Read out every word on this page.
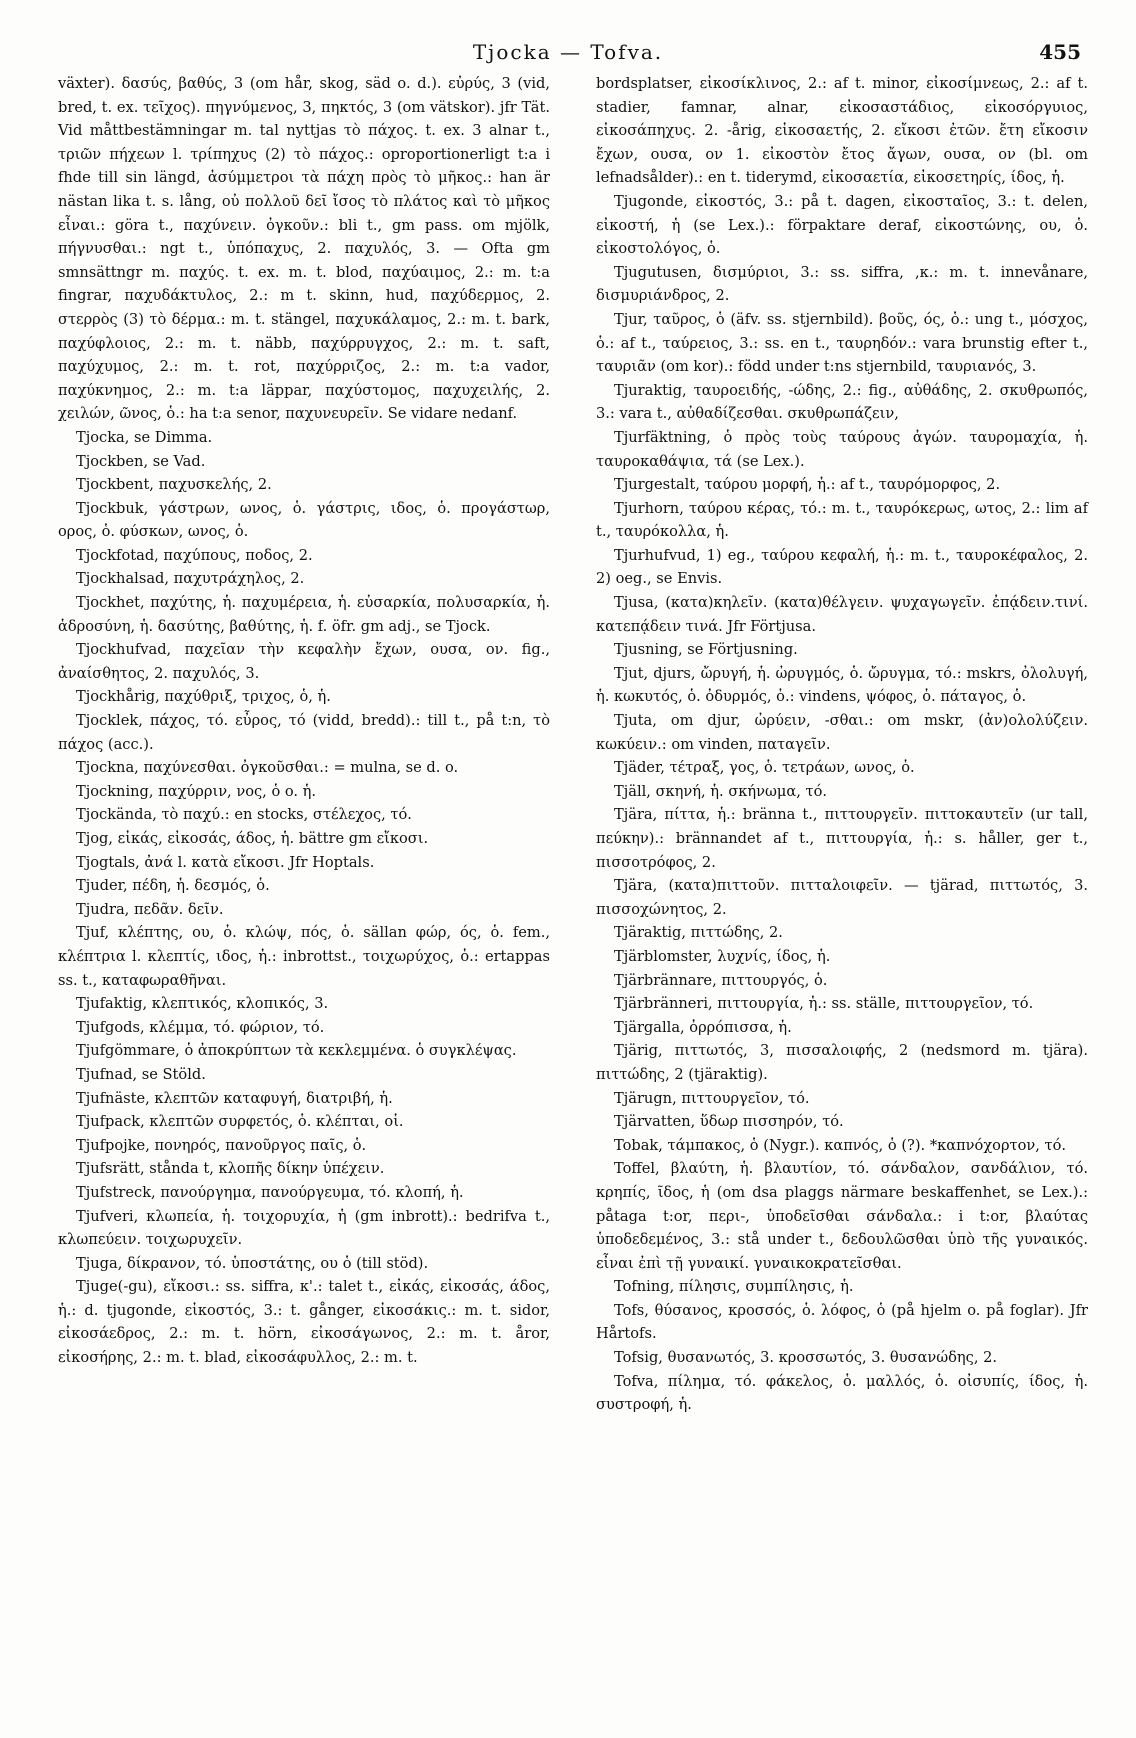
Tjocka — Tofva.	455

växter). δασύς, βαθύς, 3 (om hår, skog, säd o. d.). εὐρύς, 3 (vid, bred, t. ex. τεῖχος). πηγνύμενος, 3, πηκτός, 3 (om vätskor). jfr Tät. Vid måttbestämningar m. tal nyttjas τὸ πάχος. t. ex. 3 alnar t., τριῶν πήχεων l. τρίπηχυς (2) τὸ πάχος.: oproportionerligt t:a i fhde till sin längd, ἀσύμμετροι τὰ πάχη πρὸς τὸ μῆκος.: han är nästan lika t. s. lång, οὐ πολλοῦ δεῖ ἴσος τὸ πλάτος καὶ τὸ μῆκος εἶναι.: göra t., παχύνειν. ὀγκοῦν.: bli t., gm pass. om mjölk, πήγνυσθαι.: ngt t., ὑπόπαχυς, 2. παχυλός, 3. — Ofta gm smnsättngr m. παχύς. t. ex. m. t. blod, παχύαιμος, 2.: m. t:a fingrar, παχυδάκτυλος, 2.: m t. skinn, hud, παχύδερμος, 2. στερρὸς (3) τὸ δέρμα.: m. t. stängel, παχυκάλαμος, 2.: m. t. bark, παχύφλοιος, 2.: m. t. näbb, παχύρρυγχος, 2.: m. t. saft, παχύχυμος, 2.: m. t. rot, παχύρριζος, 2.: m. t:a vador, παχύκνημος, 2.: m. t:a läppar, παχύστομος, παχυχειλής, 2. χειλών, ῶνος, ὁ.: ha t:a senor, παχυνευρεῖν. Se vidare nedanf.

Tjocka, se Dimma.

Tjockben, se Vad.

Tjockbent, παχυσκελής, 2.

Tjockbuk, γάστρων, ωνος, ὁ. γάστρις, ιδος, ὁ. προγάστωρ, ορος, ὁ. φύσκων, ωνος, ὁ.

Tjockfotad, παχύπους, ποδος, 2.

Tjockhalsad, παχυτράχηλος, 2.

Tjockhet, παχύτης, ἡ. παχυμέρεια, ἡ. εὐσαρκία, πολυσαρκία, ἡ. ἁδροσύνη, ἡ. δασύτης, βαθύτης, ἡ. f. öfr. gm adj., se Tjock.

Tjockhufvad, παχεῖαν τὴν κεφαλὴν ἔχων, ουσα, ον. fig., ἀναίσθητος, 2. παχυλός, 3.

Tjockhårig, παχύθριξ, τριχος, ὁ, ἡ.

Tjocklek, πάχος, τό. εὖρος, τό (vidd, bredd).: till t., på t:n, τὸ πάχος (acc.).

Tjockna, παχύνεσθαι. ὀγκοῦσθαι.: = mulna, se d. o.

Tjockning, παχύρριν, νος, ὁ o. ἡ.

Tjockända, τὸ παχύ.: en stocks, στέλεχος, τό.

Tjog, εἰκάς, εἰκοσάς, άδος, ἡ. bättre gm εἴκοσι.

Tjogtals, ἀνά l. κατὰ εἴκοσι. Jfr Hoptals.

Tjuder, πέδη, ἡ. δεσμός, ὁ.

Tjudra, πεδᾶν. δεῖν.

Tjuf, κλέπτης, ου, ὁ. κλώψ, πός, ὁ. sällan φώρ, ός, ὁ. fem., κλέπτρια l. κλεπτίς, ιδος, ἡ.: inbrottst., τοιχωρύχος, ὁ.: ertappas ss. t., καταφωραθῆναι.

Tjufaktig, κλεπτικός, κλοπικός, 3.

Tjufgods, κλέμμα, τό. φώριον, τό.

Tjufgömmare, ὁ ἀποκρύπτων τὰ κεκλεμμένα. ὁ συγκλέψας.

Tjufnad, se Stöld.

Tjufnäste, κλεπτῶν καταφυγή, διατριβή, ἡ.

Tjufpack, κλεπτῶν συρφετός, ὁ. κλέπται, οἱ.

Tjufpojke, πονηρός, πανοῦργος παῖς, ὁ.

Tjufsrätt, stånda t, κλοπῆς δίκην ὑπέχειν.

Tjufstreck, πανούργημα, πανούργευμα, τό. κλοπή, ἡ.

Tjufveri, κλωπεία, ἡ. τοιχορυχία, ἡ (gm inbrott).: bedrifva t., κλωπεύειν. τοιχωρυχεῖν.

Tjuga, δίκρανον, τό. ὑποστάτης, ου ὁ (till stöd).

Tjuge(-gu), εἴκοσι.: ss. siffra, κ'.: talet t., εἰκάς, εἰκοσάς, άδος, ἡ.: d. tjugonde, εἰκοστός, 3.: t. gånger, εἰκοσάκις.: m. t. sidor, εἰκοσάεδρος, 2.: m. t. hörn, εἰκοσάγωνος, 2.: m. t. åror, εἰκοσήρης, 2.: m. t. blad, εἰκοσάφυλλος, 2.: m. t.

bordsplatser, εἰκοσίκλινος, 2.: af t. minor, εἰκοσίμνεως, 2.: af t. stadier, famnar, alnar, εἰκοσαστάδιος, εἰκοσόργυιος, εἰκοσάπηχυς. 2. -årig, εἰκοσαετής, 2. εἴκοσι ἐτῶν. ἔτη εἴκοσιν ἔχων, ουσα, ον 1. εἰκοστὸν ἔτος ἄγων, ουσα, ον (bl. om lefnadsålder).: en t. tiderymd, εἰκοσαετία, εἰκοσετηρίς, ίδος, ἡ.

Tjugonde, εἰκοστός, 3.: på t. dagen, εἰκοσταῖος, 3.: t. delen, εἰκοστή, ἡ (se Lex.).: förpaktare deraf, εἰκοστώνης, ου, ὁ. εἰκοστολόγος, ὁ.

Tjugutusen, δισμύριοι, 3.: ss. siffra, ,κ.: m. t. innevånare, δισμυριάνδρος, 2.

Tjur, ταῦρος, ὁ (äfv. ss. stjernbild). βοῦς, ός, ὁ.: ung t., μόσχος, ὁ.: af t., ταύρειος, 3.: ss. en t., ταυρηδόν.: vara brunstig efter t., ταυριᾶν (om kor).: född under t:ns stjernbild, ταυριανός, 3.

Tjuraktig, ταυροειδής, -ώδης, 2.: fig., αὐθάδης, 2. σκυθρωπός, 3.: vara t., αὐθαδίζεσθαι. σκυθρωπάζειν,

Tjurfäktning, ὁ πρὸς τοὺς ταύρους ἀγών. ταυρομαχία, ἡ. ταυροκαθάψια, τά (se Lex.).

Tjurgestalt, ταύρου μορφή, ἡ.: af t., ταυρόμορφος, 2.

Tjurhorn, ταύρου κέρας, τό.: m. t., ταυρόκερως, ωτος, 2.: lim af t., ταυρόκολλα, ἡ.

Tjurhufvud, 1) eg., ταύρου κεφαλή, ἡ.: m. t., ταυροκέφαλος, 2. 2) oeg., se Envis.

Tjusa, (κατα)κηλεῖν. (κατα)θέλγειν. ψυχαγωγεῖν. ἐπᾴδειν.τινί. κατεπᾴδειν τινά. Jfr Förtjusa.

Tjusning, se Förtjusning.

Tjut, djurs, ὤρυγή, ἡ. ὠρυγμός, ὁ. ὤρυγμα, τό.: mskrs, ὀλολυγή, ἡ. κωκυτός, ὁ. ὀδυρμός, ὁ.: vindens, ψόφος, ὁ. πάταγος, ὁ.

Tjuta, om djur, ὠρύειν, -σθαι.: om mskr, (ἀν)ολολύζειν. κωκύειν.: om vinden, παταγεῖν.

Tjäder, τέτραξ, γος, ὁ. τετράων, ωνος, ὁ.

Tjäll, σκηνή, ἡ. σκήνωμα, τό.

Tjära, πίττα, ἡ.: bränna t., πιττουργεῖν. πιττοκαυτεῖν (ur tall, πεύκην).: brännandet af t., πιττουργία, ἡ.: s. håller, ger t., πισσοτρόφος, 2.

Tjära, (κατα)πιττοῦν. πιτταλοιφεῖν. — tjärad, πιττωτός, 3. πισσοχώνητος, 2.

Tjäraktig, πιττώδης, 2.

Tjärblomster, λυχνίς, ίδος, ἡ.

Tjärbrännare, πιττουργός, ὁ.

Tjärbränneri, πιττουργία, ἡ.: ss. ställe, πιττουργεῖον, τό.

Tjärgalla, ὀρρόπισσα, ἡ.

Tjärig, πιττωτός, 3, πισσαλοιφής, 2 (nedsmord m. tjära). πιττώδης, 2 (tjäraktig).

Tjärugn, πιττουργεῖον, τό.

Tjärvatten, ὕδωρ πισσηρόν, τό.

Tobak, τάμπακος, ὁ (Nygr.). καπνός, ὁ (?). *καπνόχορτον, τό.

Toffel, βλαύτη, ἡ. βλαυτίον, τό. σάνδαλον, σανδάλιον, τό. κρηπίς, ῖδος, ἡ (om dsa plaggs närmare beskaffenhet, se Lex.).: påtaga t:or, περι-, ὑποδεῖσθαι σάνδαλα.: i t:or, βλαύτας ὑποδεδεμένος, 3.: stå under t., δεδουλῶσθαι ὑπὸ τῆς γυναικός. εἶναι ἐπὶ τῇ γυναικί. γυναικοκρατεῖσθαι.

Tofning, πίλησις, συμπίλησις, ἡ.

Tofs, θύσανος, κροσσός, ὁ. λόφος, ὁ (på hjelm o. på foglar). Jfr Hårtofs.

Tofsig, θυσανωτός, 3. κροσσωτός, 3. θυσανώδης, 2.

Tofva, πίλημα, τό. φάκελος, ὁ. μαλλός, ὁ. οἰσυπίς, ίδος, ἡ. συστροφή, ἡ.
